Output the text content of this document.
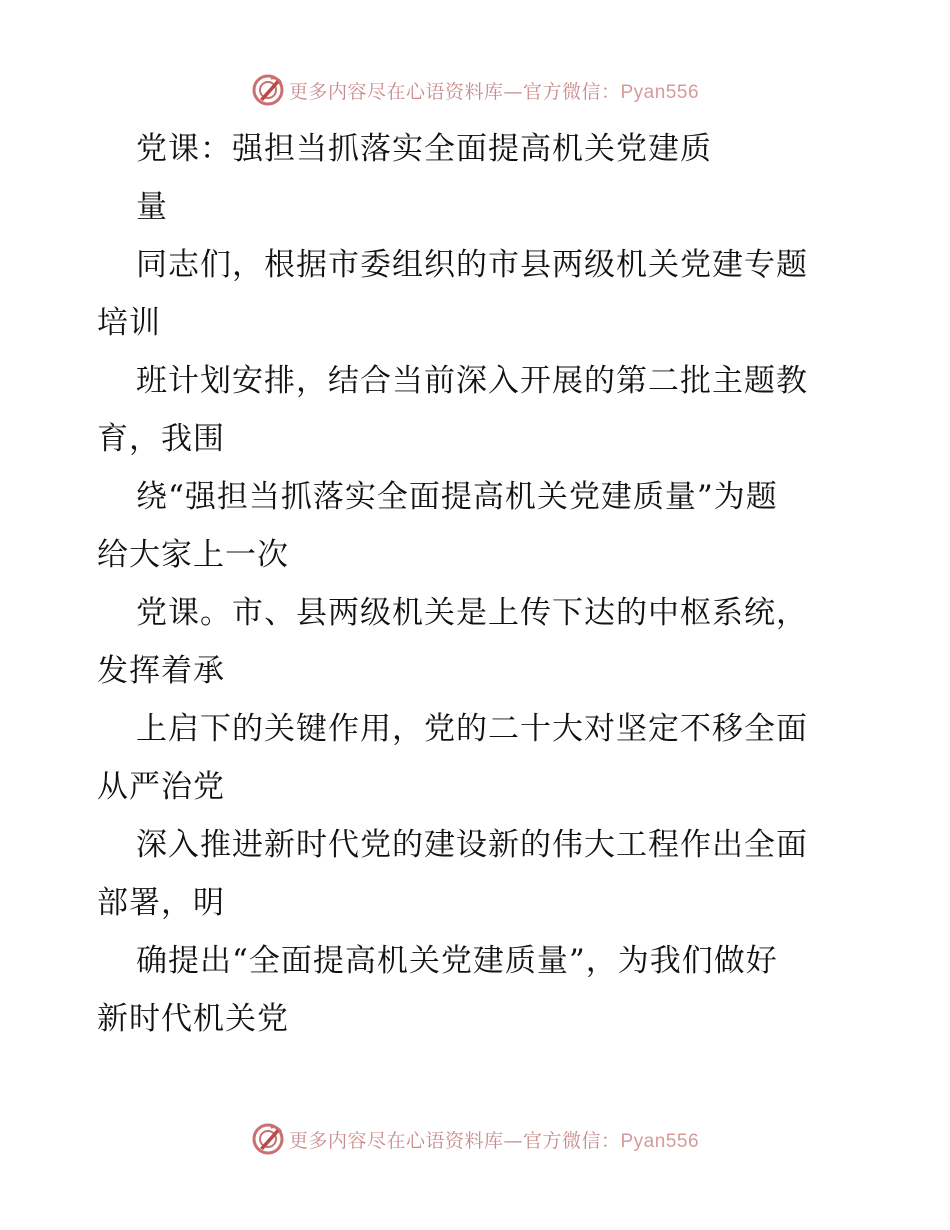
更多内容尽在心语资料库—官方微信：Pyan556
党课：强担当抓落实全面提高机关党建质
量
同志们，根据市委组织的市县两级机关党建专题
培训
班计划安排，结合当前深入开展的第二批主题教
育，我围
绕“强担当抓落实全面提高机关党建质量”为题
给大家上一次
党课。市、县两级机关是上传下达的中枢系统，
发挥着承
上启下的关键作用，党的二十大对坚定不移全面
从严治党
深入推进新时代党的建设新的伟大工程作出全面
部署，明
确提出“全面提高机关党建质量”，为我们做好
新时代机关党
更多内容尽在心语资料库—官方微信：Pyan556
